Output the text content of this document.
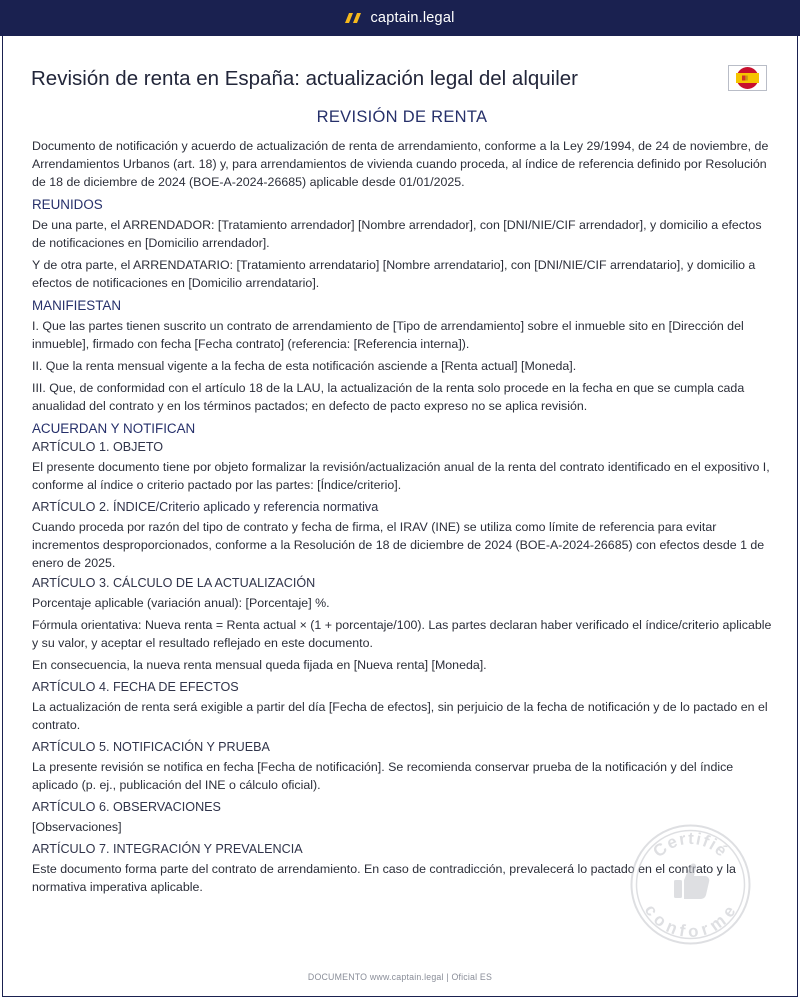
captain.legal
Revisión de renta en España: actualización legal del alquiler
REVISIÓN DE RENTA

Documento de notificación y acuerdo de actualización de renta de arrendamiento, conforme a la Ley 29/1994, de 24 de noviembre, de Arrendamientos Urbanos (art. 18) y, para arrendamientos de vivienda cuando proceda, al índice de referencia definido por Resolución de 18 de diciembre de 2024 (BOE-A-2024-26685) aplicable desde 01/01/2025.

REUNIDOS

De una parte, el ARRENDADOR: [Tratamiento arrendador] [Nombre arrendador], con [DNI/NIE/CIF arrendador], y domicilio a efectos de notificaciones en [Domicilio arrendador].

Y de otra parte, el ARRENDATARIO: [Tratamiento arrendatario] [Nombre arrendatario], con [DNI/NIE/CIF arrendatario], y domicilio a efectos de notificaciones en [Domicilio arrendatario].

MANIFIESTAN

I. Que las partes tienen suscrito un contrato de arrendamiento de [Tipo de arrendamiento] sobre el inmueble sito en [Dirección del inmueble], firmado con fecha [Fecha contrato] (referencia: [Referencia interna]).

II. Que la renta mensual vigente a la fecha de esta notificación asciende a [Renta actual] [Moneda].

III. Que, de conformidad con el artículo 18 de la LAU, la actualización de la renta solo procede en la fecha en que se cumpla cada anualidad del contrato y en los términos pactados; en defecto de pacto expreso no se aplica revisión.

ACUERDAN Y NOTIFICAN
ARTÍCULO 1. OBJETO

El presente documento tiene por objeto formalizar la revisión/actualización anual de la renta del contrato identificado en el expositivo I, conforme al índice o criterio pactado por las partes: [Índice/criterio].

ARTÍCULO 2. ÍNDICE/Criterio aplicado y referencia normativa

Cuando proceda por razón del tipo de contrato y fecha de firma, el IRAV (INE) se utiliza como límite de referencia para evitar incrementos desproporcionados, conforme a la Resolución de 18 de diciembre de 2024 (BOE-A-2024-26685) con efectos desde 1 de enero de 2025.

ARTÍCULO 3. CÁLCULO DE LA ACTUALIZACIÓN

Porcentaje aplicable (variación anual): [Porcentaje] %.

Fórmula orientativa: Nueva renta = Renta actual × (1 + porcentaje/100). Las partes declaran haber verificado el índice/criterio aplicable y su valor, y aceptar el resultado reflejado en este documento.

En consecuencia, la nueva renta mensual queda fijada en [Nueva renta] [Moneda].

ARTÍCULO 4. FECHA DE EFECTOS

La actualización de renta será exigible a partir del día [Fecha de efectos], sin perjuicio de la fecha de notificación y de lo pactado en el contrato.

ARTÍCULO 5. NOTIFICACIÓN Y PRUEBA

La presente revisión se notifica en fecha [Fecha de notificación]. Se recomienda conservar prueba de la notificación y del índice aplicado (p. ej., publicación del INE o cálculo oficial).

ARTÍCULO 6. OBSERVACIONES

[Observaciones]

ARTÍCULO 7. INTEGRACIÓN Y PREVALENCIA

Este documento forma parte del contrato de arrendamiento. En caso de contradicción, prevalecerá lo pactado en el contrato y la normativa imperativa aplicable.

Certifié
conforme
DOCUMENTO www.captain.legal | Oficial ES
